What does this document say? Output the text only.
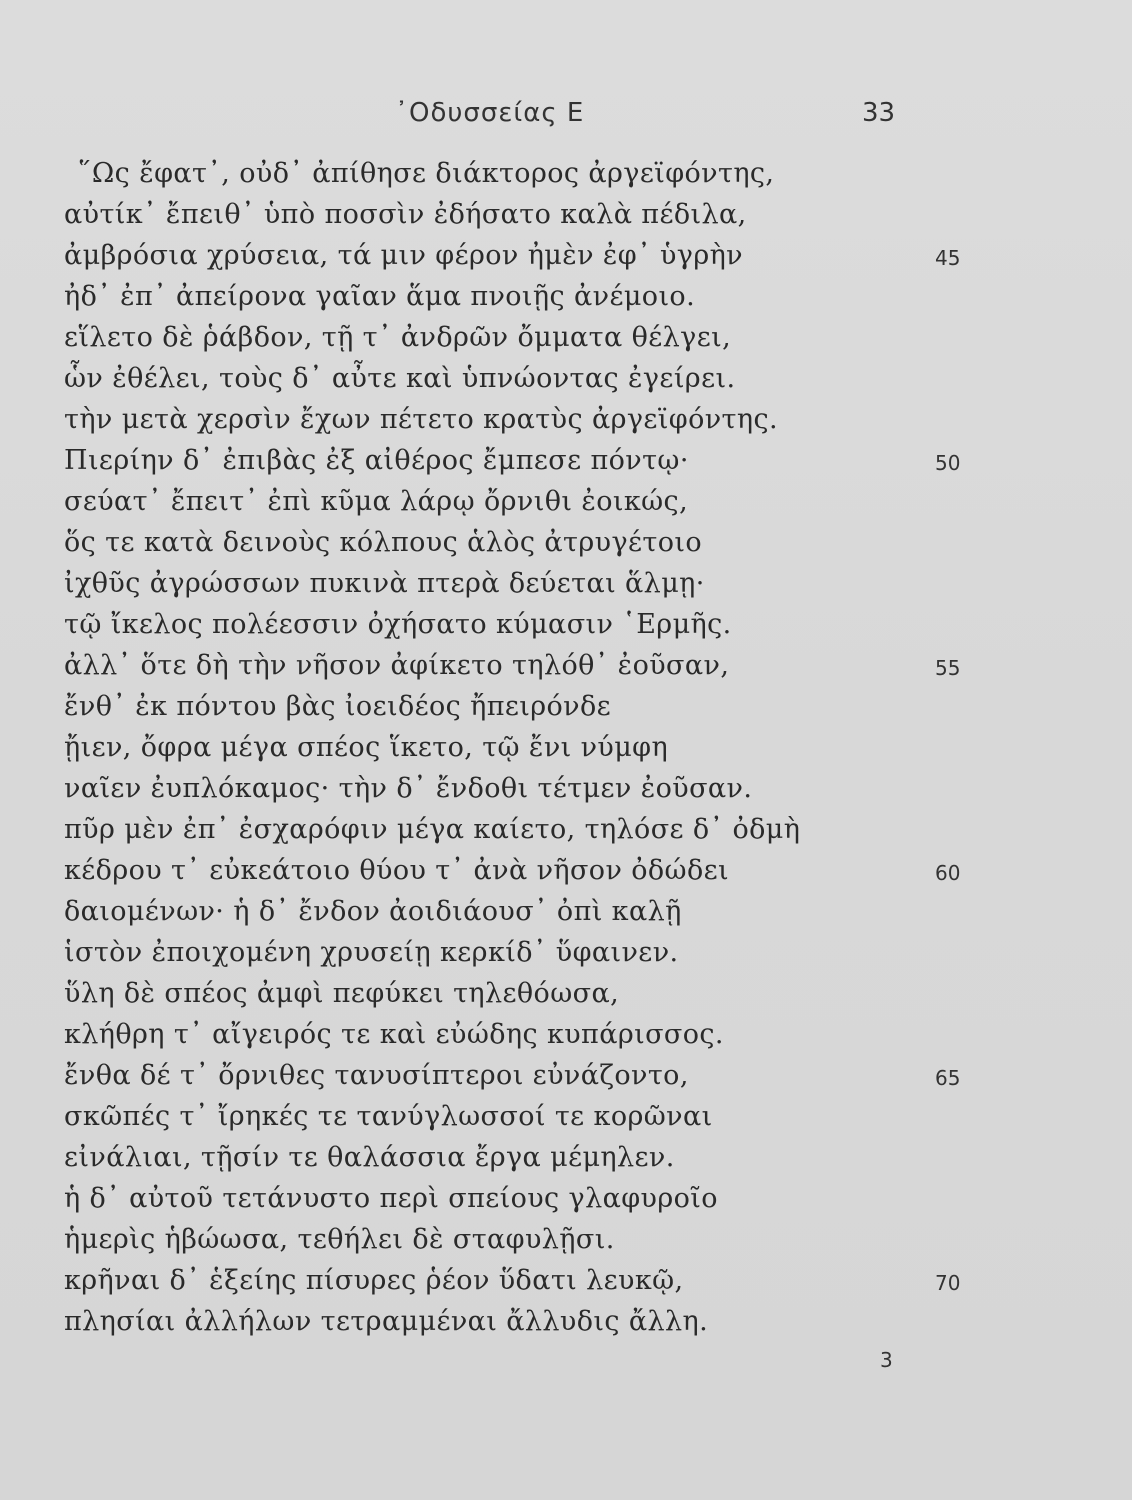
᾿Οδυσσείας Ε	33
῞Ως ἔφατ᾿, οὐδ᾿ ἀπίθησε διάκτορος ἀργεϊφόντης,
αὐτίκ᾿ ἔπειθ᾿ ὑπὸ ποσσὶν ἐδήσατο καλὰ πέδιλα,
ἀμβρόσια χρύσεια, τά μιν φέρον ἠμὲν ἐφ᾿ ὑγρὴν
ἠδ᾿ ἐπ᾿ ἀπείρονα γαῖαν ἅμα πνοιῇς ἀνέμοιο.
εἵλετο δὲ ῥάβδον, τῇ τ᾿ ἀνδρῶν ὄμματα θέλγει,
ὧν ἐθέλει, τοὺς δ᾿ αὖτε καὶ ὑπνώοντας ἐγείρει.
τὴν μετὰ χερσὶν ἔχων πέτετο κρατὺς ἀργεϊφόντης.
Πιερίην δ᾿ ἐπιβὰς ἐξ αἰθέρος ἔμπεσε πόντῳ·
σεύατ᾿ ἔπειτ᾿ ἐπὶ κῦμα λάρῳ ὄρνιθι ἐοικώς,
ὅς τε κατὰ δεινοὺς κόλπους ἁλὸς ἀτρυγέτοιο
ἰχθῦς ἀγρώσσων πυκινὰ πτερὰ δεύεται ἅλμῃ·
τῷ ἴκελος πολέεσσιν ὀχήσατο κύμασιν ῾Ερμῆς.
ἀλλ᾿ ὅτε δὴ τὴν νῆσον ἀφίκετο τηλόθ᾿ ἐοῦσαν,
ἔνθ᾿ ἐκ πόντου βὰς ἰοειδέος ἤπειρόνδε
ᾔιεν, ὄφρα μέγα σπέος ἵκετο, τῷ ἔνι νύμφη
ναῖεν ἐυπλόκαμος· τὴν δ᾿ ἔνδοθι τέτμεν ἐοῦσαν.
πῦρ μὲν ἐπ᾿ ἐσχαρόφιν μέγα καίετο, τηλόσε δ᾿ ὀδμὴ
κέδρου τ᾿ εὐκεάτοιο θύου τ᾿ ἀνὰ νῆσον ὀδώδει
δαιομένων· ἡ δ᾿ ἔνδον ἀοιδιάουσ᾿ ὀπὶ καλῇ
ἱστὸν ἐποιχομένη χρυσείῃ κερκίδ᾿ ὕφαινεν.
ὕλη δὲ σπέος ἀμφὶ πεφύκει τηλεθόωσα,
κλήθρη τ᾿ αἴγειρός τε καὶ εὐώδης κυπάρισσος.
ἔνθα δέ τ᾿ ὄρνιθες τανυσίπτεροι εὐνάζοντο,
σκῶπές τ᾿ ἴρηκές τε τανύγλωσσοί τε κορῶναι
εἰνάλιαι, τῇσίν τε θαλάσσια ἔργα μέμηλεν.
ἡ δ᾿ αὐτοῦ τετάνυστο περὶ σπείους γλαφυροῖο
ἡμερὶς ἡβώωσα, τεθήλει δὲ σταφυλῇσι.
κρῆναι δ᾿ ἑξείης πίσυρες ῥέον ὕδατι λευκῷ,
πλησίαι ἀλλήλων τετραμμέναι ἄλλυδις ἄλλη.
45
50
55
60
65
70
3
